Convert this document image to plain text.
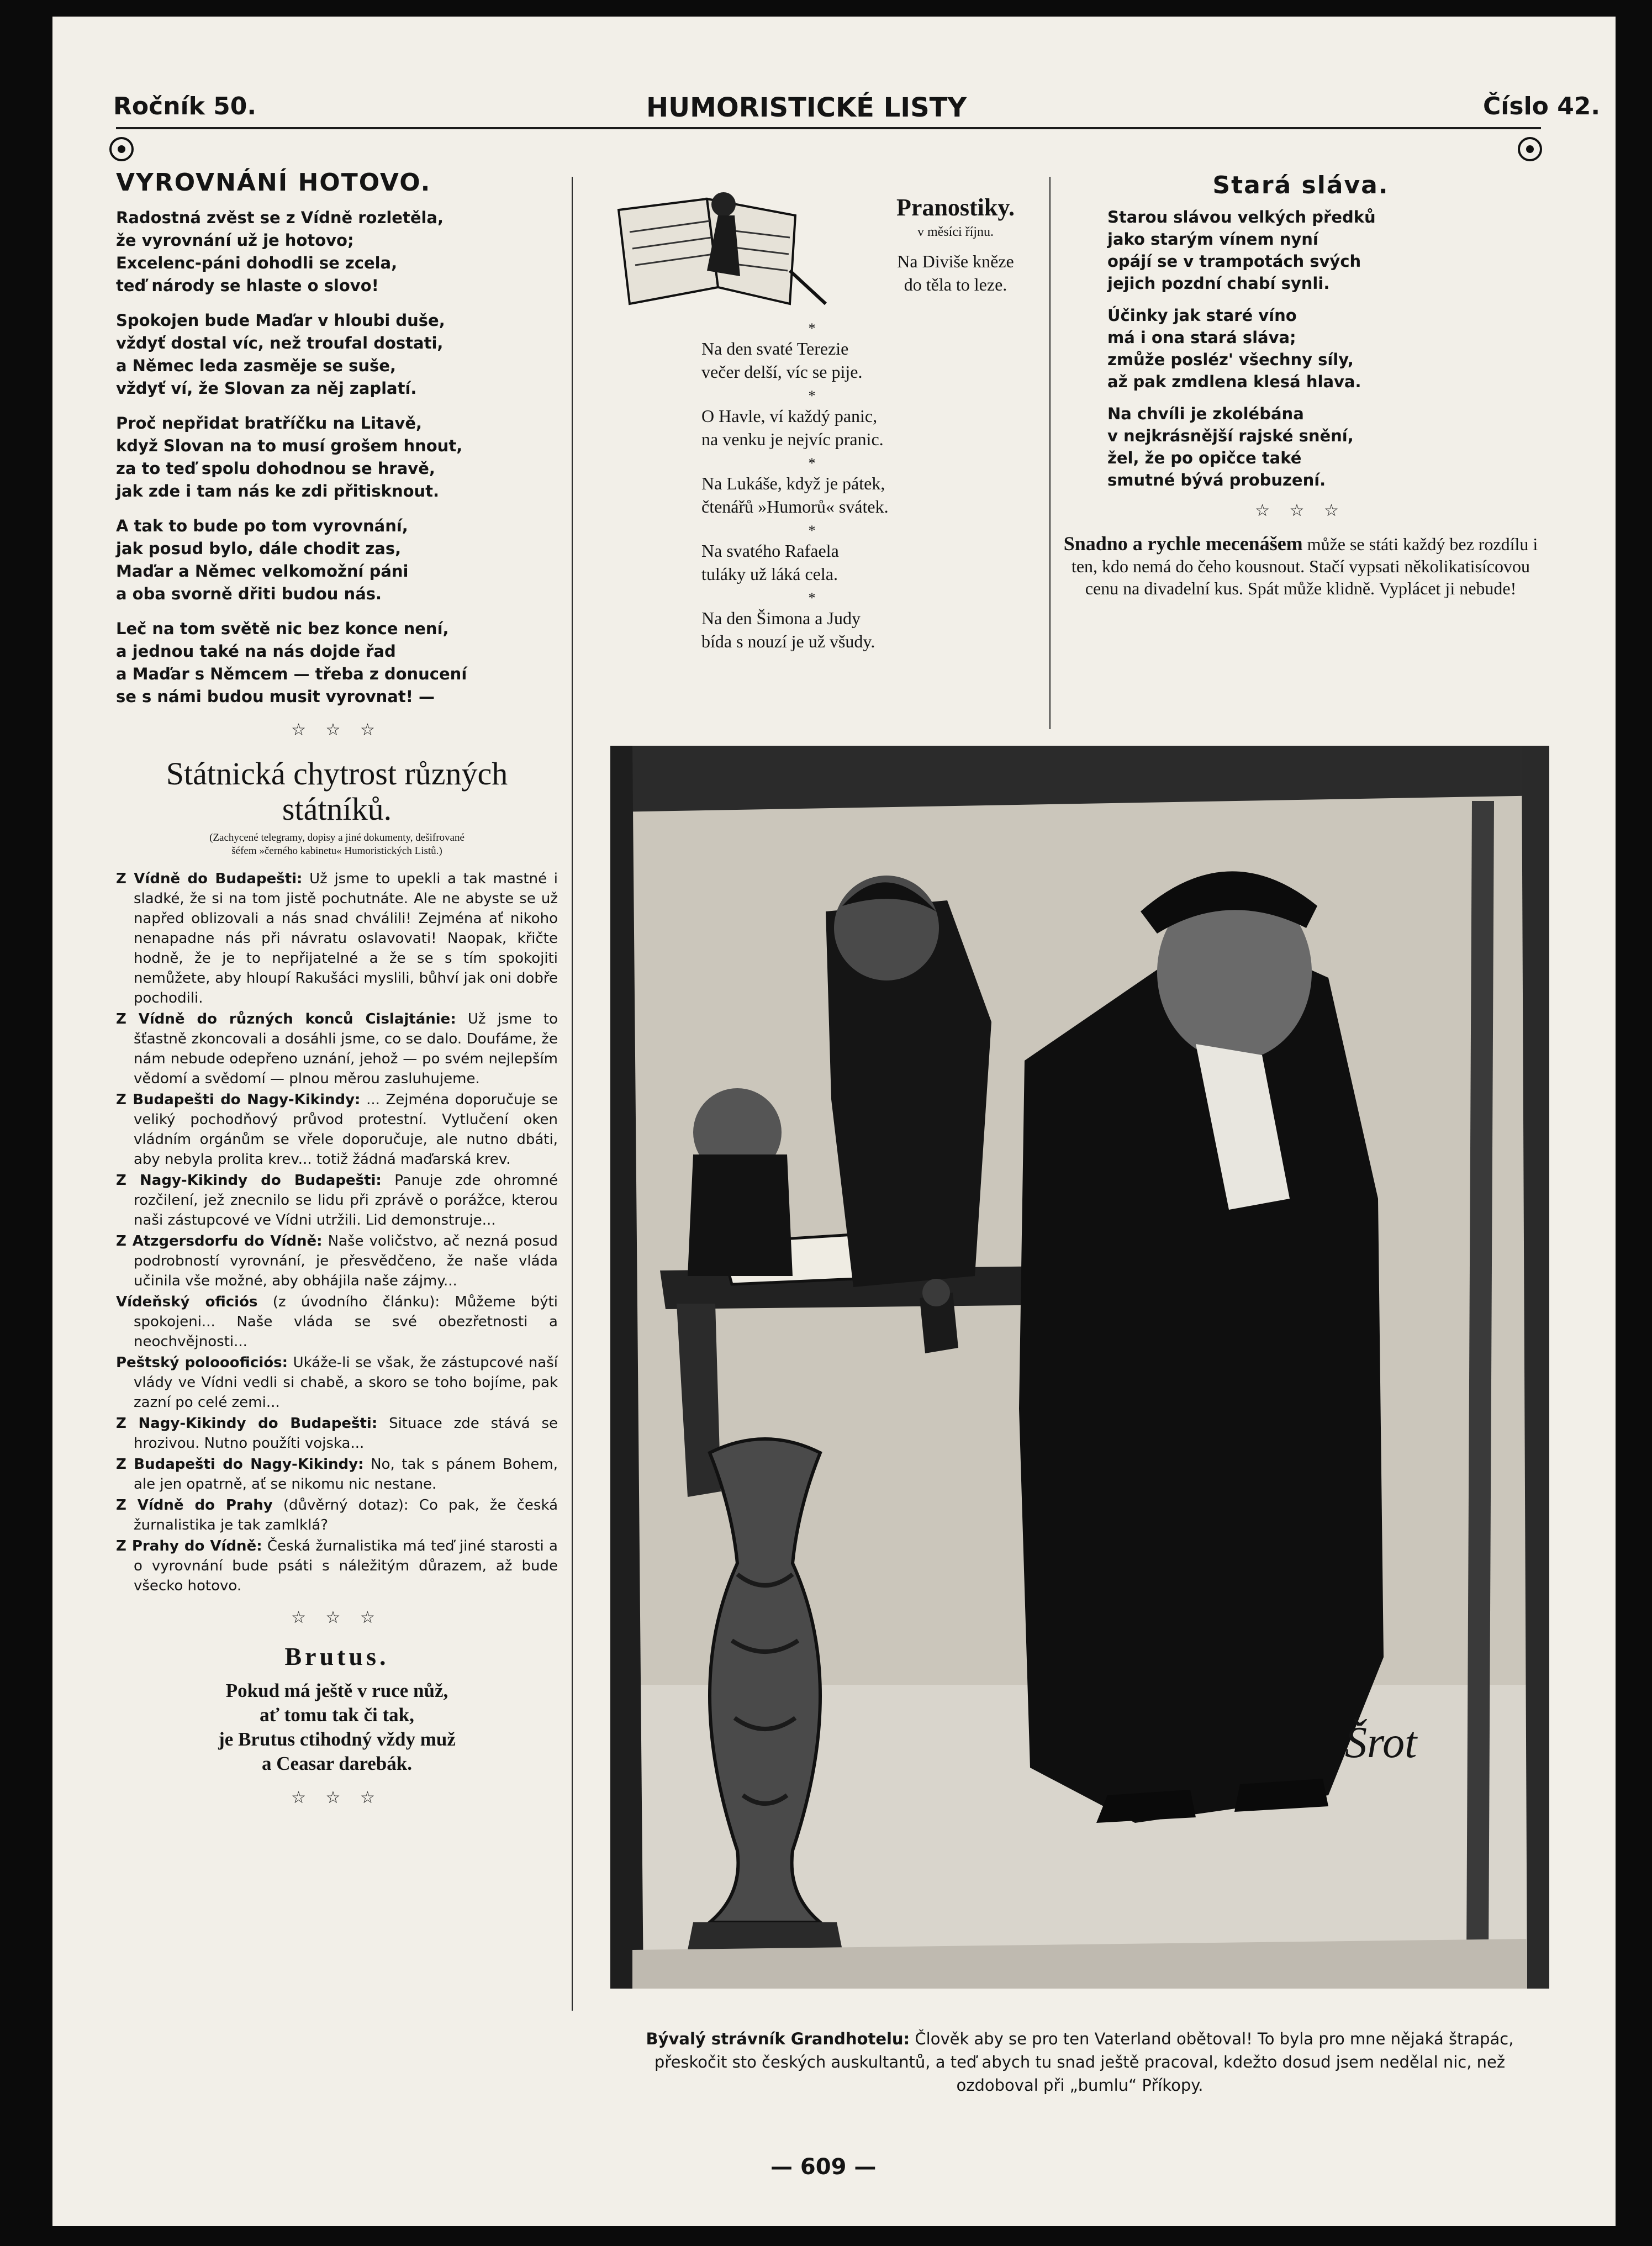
Ročník 50.	HUMORISTICKÉ LISTY	Číslo 42.
VYROVNÁNÍ HOTOVO.
Radostná zvěst se z Vídně rozletěla,
že vyrovnání už je hotovo;
Excelenc-páni dohodli se zcela,
teď národy se hlaste o slovo!
Spokojen bude Maďar v hloubi duše,
vždyť dostal víc, než troufal dostati,
a Němec leda zasměje se suše,
vždyť ví, že Slovan za něj zaplatí.
Proč nepřidat bratříčku na Litavě,
když Slovan na to musí grošem hnout,
za to teď spolu dohodnou se hravě,
jak zde i tam nás ke zdi přitisknout.
A tak to bude po tom vyrovnání,
jak posud bylo, dále chodit zas,
Maďar a Němec velkomožní páni
a oba svorně dřiti budou nás.
Leč na tom světě nic bez konce není,
a jednou také na nás dojde řad
a Maďar s Němcem — třeba z donucení
se s námi budou musit vyrovnat! —
☆ ☆ ☆
Státnická chytrost různých
státníků.
(Zachycené telegramy, dopisy a jiné dokumenty, dešifrované
šéfem »černého kabinetu« Humoristických Listů.)

Z Vídně do Budapešti: Už jsme to upekli a tak mastné i sladké, že si na tom jistě pochutnáte. Ale ne abyste se už napřed oblizovali a nás snad chválili! Zejména ať nikoho nenapadne nás při návratu oslavovati! Naopak, křičte hodně, že je to nepřijatelné a že se s tím spokojiti nemůžete, aby hloupí Rakušáci myslili, bůhví jak oni dobře pochodili.

Z Vídně do různých konců Cislajtánie: Už jsme to šťastně zkoncovali a dosáhli jsme, co se dalo. Doufáme, že nám nebude odepřeno uznání, jehož — po svém nejlepším vědomí a svědomí — plnou měrou zasluhujeme.

Z Budapešti do Nagy-Kikindy: ... Zejména doporučuje se veliký pochodňový průvod protestní. Vytlučení oken vládním orgánům se vřele doporučuje, ale nutno dbáti, aby nebyla prolita krev... totiž žádná maďarská krev.

Z Nagy-Kikindy do Budapešti: Panuje zde ohromné rozčilení, jež znecnilo se lidu při zprávě o porážce, kterou naši zástupcové ve Vídni utržili. Lid demonstruje...

Z Atzgersdorfu do Vídně: Naše voličstvo, ač nezná posud podrobností vyrovnání, je přesvědčeno, že naše vláda učinila vše možné, aby obhájila naše zájmy...

Vídeňský oficiós (z úvodního článku): Můžeme býti spokojeni... Naše vláda se své obezřetnosti a neochvějnosti...

Peštský poloooficiós: Ukáže-li se však, že zástupcové naší vlády ve Vídni vedli si chabě, a skoro se toho bojíme, pak zazní po celé zemi...

Z Nagy-Kikindy do Budapešti: Situace zde stává se hrozivou. Nutno použíti vojska...

Z Budapešti do Nagy-Kikindy: No, tak s pánem Bohem, ale jen opatrně, ať se nikomu nic nestane.

Z Vídně do Prahy (důvěrný dotaz): Co pak, že česká žurnalistika je tak zamlklá?

Z Prahy do Vídně: Česká žurnalistika má teď jiné starosti a o vyrovnání bude psáti s náležitým důrazem, až bude všecko hotovo.

☆ ☆ ☆
Brutus.
Pokud má ještě v ruce nůž,
ať tomu tak či tak,
je Brutus ctihodný vždy muž
a Ceasar darebák.
☆ ☆ ☆
Pranostiky.
v měsíci říjnu.
Na Diviše kněze
do těla to leze.
*
Na den svaté Terezie
večer delší, víc se pije.
*
O Havle, ví každý panic,
na venku je nejvíc pranic.
*
Na Lukáše, když je pátek,
čtenářů »Humorů« svátek.
*
Na svatého Rafaela
tuláky už láká cela.
*
Na den Šimona a Judy
bída s nouzí je už všudy.
Stará sláva.
Starou slávou velkých předků
jako starým vínem nyní
opájí se v trampotách svých
jejich pozdní chabí synli.
Účinky jak staré víno
má i ona stará sláva;
zmůže posléz' všechny síly,
až pak zmdlena klesá hlava.
Na chvíli je zkolébána
v nejkrásnější rajské snění,
žel, že po opičce také
smutné bývá probuzení.
☆ ☆ ☆
Snadno a rychle mecenášem může se státi každý bez rozdílu i ten, kdo nemá do čeho kousnout. Stačí vypsati několikatisícovou cenu na divadelní kus. Spát může klidně. Vyplácet ji nebude!
Šrot
Bývalý strávník Grandhotelu: Člověk aby se pro ten Vaterland obětoval! To byla pro mne nějaká štrapác, přeskočit sto českých auskultantů, a teď abych tu snad ještě pracoval, kdežto dosud jsem nedělal nic, než ozdoboval při „bumlu“ Příkopy.
— 609 —
